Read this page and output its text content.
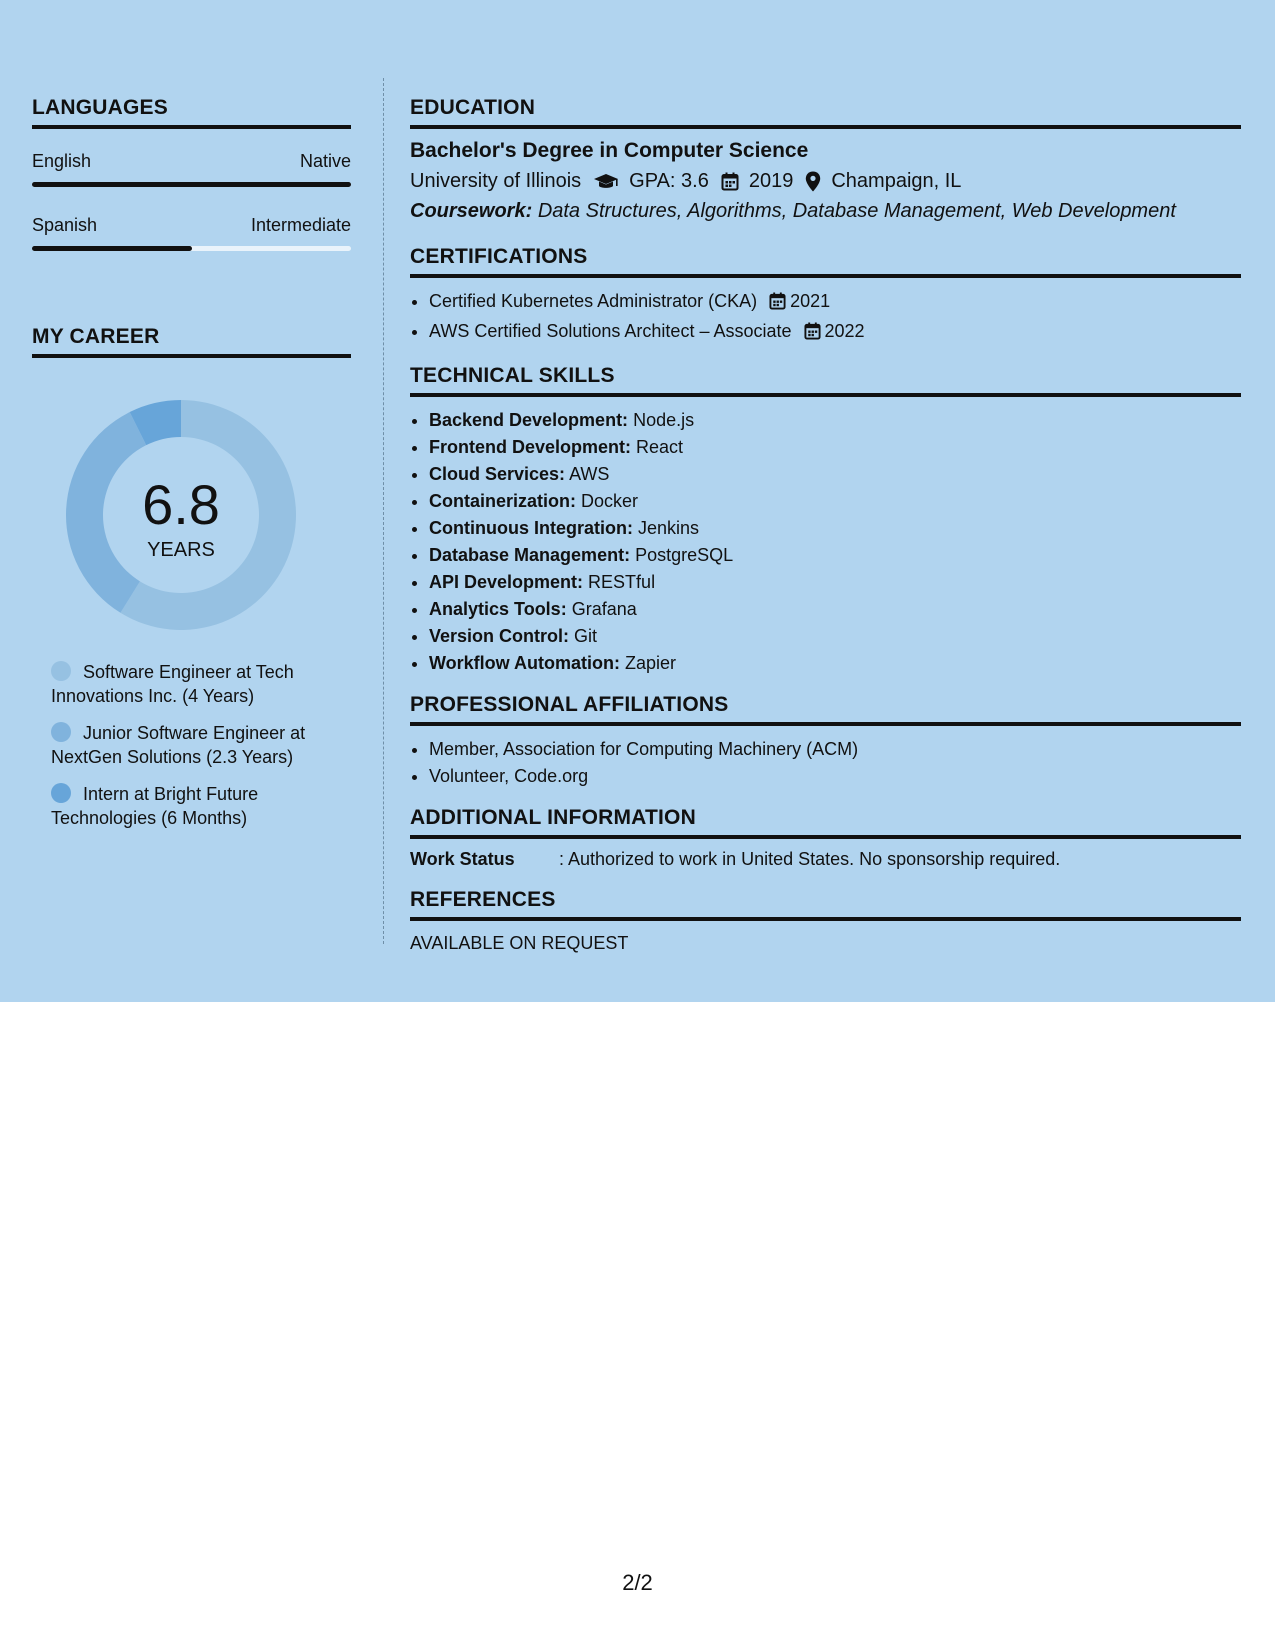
LANGUAGES
English	Native
Spanish	Intermediate
MY CAREER
6.8
YEARS
Software Engineer at Tech Innovations Inc. (4 Years)
Junior Software Engineer at NextGen Solutions (2.3 Years)
Intern at Bright Future Technologies (6 Months)
EDUCATION
Bachelor's Degree in Computer Science
University of Illinois GPA: 3.6 2019 Champaign, IL
Coursework: Data Structures, Algorithms, Database Management, Web Development
CERTIFICATIONS
• Certified Kubernetes Administrator (CKA) 2021
• AWS Certified Solutions Architect – Associate 2022
TECHNICAL SKILLS
• Backend Development: Node.js
• Frontend Development: React
• Cloud Services: AWS
• Containerization: Docker
• Continuous Integration: Jenkins
• Database Management: PostgreSQL
• API Development: RESTful
• Analytics Tools: Grafana
• Version Control: Git
• Workflow Automation: Zapier
PROFESSIONAL AFFILIATIONS
• Member, Association for Computing Machinery (ACM)
• Volunteer, Code.org
ADDITIONAL INFORMATION
Work Status	: Authorized to work in United States. No sponsorship required.
REFERENCES
AVAILABLE ON REQUEST
2/2
